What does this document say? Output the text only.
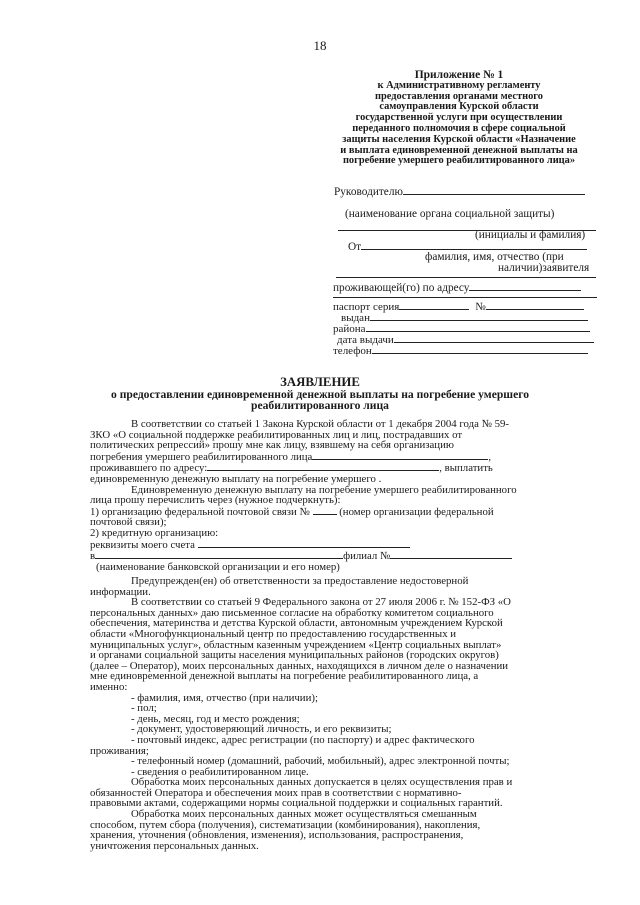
18
Приложение № 1
к Административному регламенту
предоставления органами местного
самоуправления Курской области
государственной услуги при осуществлении
переданного полномочия в сфере социальной
защиты населения Курской области «Назначение
и выплата единовременной денежной выплаты на
погребение умершего реабилитированного лица»
Руководителю
(наименование органа социальной защиты)
(инициалы и фамилия)
От
фамилия, имя, отчество (при
наличии)заявителя
проживающей(го) по адресу
паспорт серия	№
выдан
района
дата выдачи
телефон
ЗАЯВЛЕНИЕ
о предоставлении единовременной денежной выплаты на погребение умершего
реабилитированного лица
В соответствии со статьей 1 Закона Курской области от 1 декабря 2004 года № 59-
ЗКО «О социальной поддержке реабилитированных лиц и лиц, пострадавших от
политических репрессий» прошу мне как лицу, взявшему на себя организацию
погребения умершего реабилитированного лица	,
проживавшего по адресу:	, выплатить
единовременную денежную выплату на погребение умершего .
Единовременную денежную выплату на погребение умершего реабилитированного
лица прошу перечислить через (нужное подчеркнуть):
1) организацию федеральной почтовой связи №	(номер организации федеральной
почтовой связи);
2) кредитную организацию:
реквизиты моего счета
в	филиал №
(наименование банковской организации и его номер)
Предупрежден(ен) об ответственности за предоставление недостоверной
информации.
В соответствии со статьей 9 Федерального закона от 27 июля 2006 г. № 152-ФЗ «О
персональных данных» даю письменное согласие на обработку комитетом социального
обеспечения, материнства и детства Курской области, автономным учреждением Курской
области «Многофункциональный центр по предоставлению государственных и
муниципальных услуг», областным казенным учреждением «Центр социальных выплат»
и органами социальной защиты населения муниципальных районов (городских округов)
(далее – Оператор), моих персональных данных, находящихся в личном деле о назначении
мне единовременной денежной выплаты на погребение реабилитированного лица, а
именно:
- фамилия, имя, отчество (при наличии);
- пол;
- день, месяц, год и место рождения;
- документ, удостоверяющий личность, и его реквизиты;
- почтовый индекс, адрес регистрации (по паспорту) и адрес фактического
проживания;
- телефонный номер (домашний, рабочий, мобильный), адрес электронной почты;
- сведения о реабилитированном лице.
Обработка моих персональных данных допускается в целях осуществления прав и
обязанностей Оператора и обеспечения моих прав в соответствии с нормативно-
правовыми актами, содержащими нормы социальной поддержки и социальных гарантий.
Обработка моих персональных данных может осуществляться смешанным
способом, путем сбора (получения), систематизации (комбинирования), накопления,
хранения, уточнения (обновления, изменения), использования, распространения,
уничтожения персональных данных.
